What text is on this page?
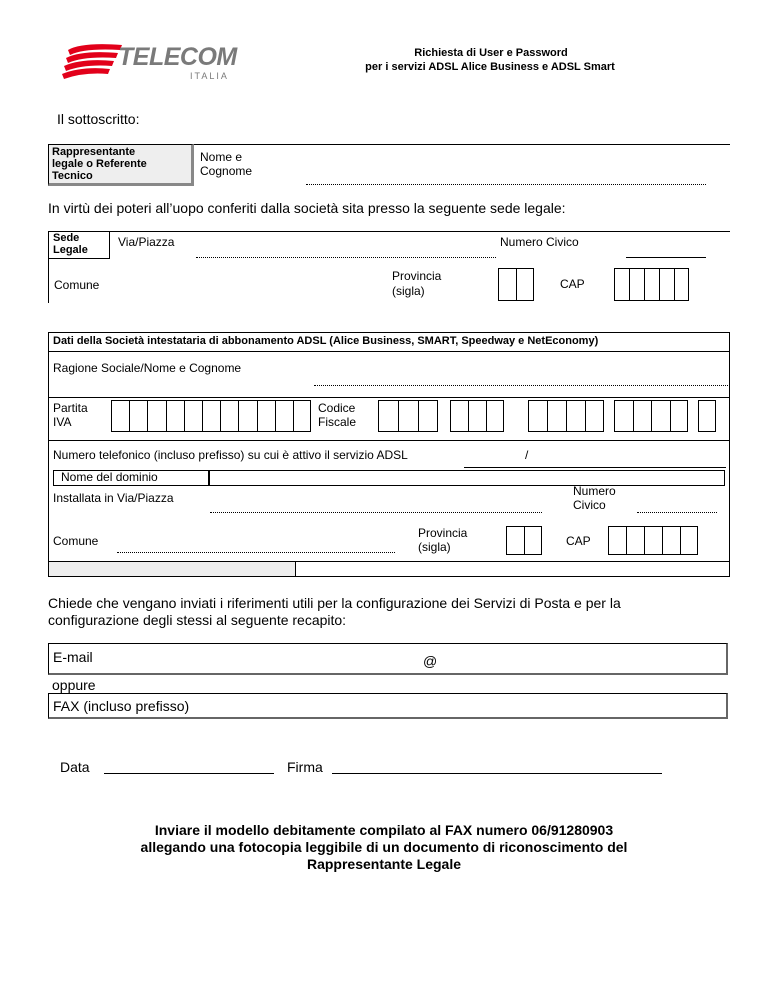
TELECOM
ITALIA
Richiesta di User e Password
per i servizi ADSL Alice Business e ADSL Smart
Il sottoscritto:
Rappresentante
legale o Referente
Tecnico
Nome e
Cognome
In virtù dei poteri all’uopo conferiti dalla società sita presso la seguente sede legale:
Sede
Legale
Via/Piazza	Numero Civico
Comune
Provincia
(sigla)	CAP
Dati della Società intestataria di abbonamento ADSL (Alice Business, SMART, Speedway e NetEconomy)
Ragione Sociale/Nome e Cognome
Partita
IVA
Codice
Fiscale
Numero telefonico (incluso prefisso) su cui è attivo il servizio ADSL	/
Nome del dominio
Installata in Via/Piazza	Numero
Civico
Comune
Provincia
(sigla)	CAP
Chiede che vengano inviati i riferimenti utili per la configurazione dei Servizi di Posta e per la
configurazione degli stessi al seguente recapito:
E-mail	@
oppure
FAX (incluso prefisso)
Data	Firma
Inviare il modello debitamente compilato al FAX numero 06/91280903
allegando una fotocopia leggibile di un documento di riconoscimento del
Rappresentante Legale
